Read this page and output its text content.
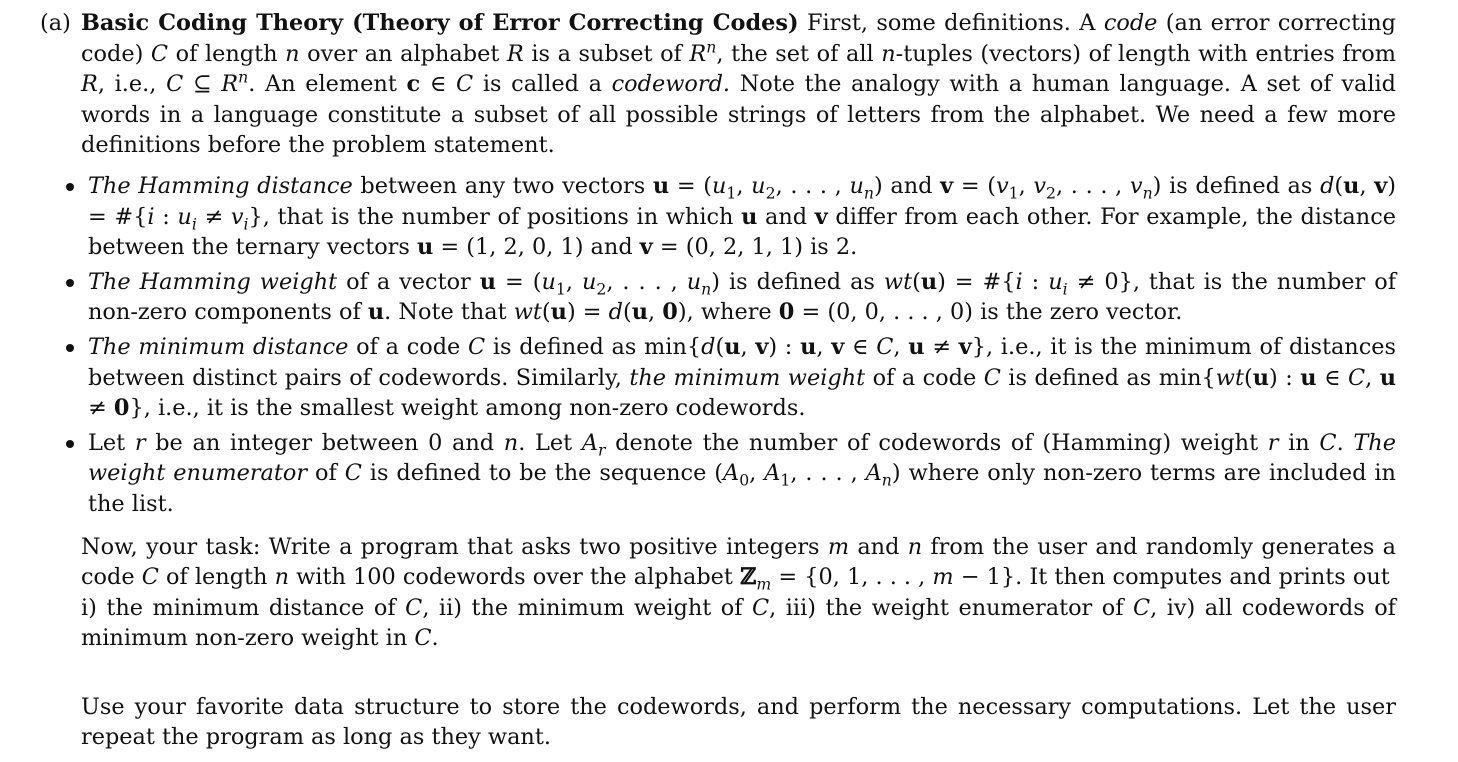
(a) Basic Coding Theory (Theory of Error Correcting Codes) First, some definitions. A code (an error correcting code) C of length n over an alphabet R is a subset of $R^n$, the set of all n-tuples (vectors) of length with entries from R, i.e., C ⊆ $R^n$. An element c ∈ C is called a codeword. Note the analogy with a human language. A set of valid words in a language constitute a subset of all possible strings of letters from the alphabet. We need a few more definitions before the problem statement.

The Hamming distance between any two vectors $u = (u_1$, $u_2$, . . . , $u_n$) and $v = (v_1$, $v_2$, . . . , $v_n$) is defined as d(u, v) = #{i : $u_i \ne v_i$}, that is the number of positions in which u and v differ from each other. For example, the distance between the ternary vectors u = (1, 2, 0, 1) and v = (0, 2, 1, 1) is 2.
The Hamming weight of a vector $u = (u_1$, $u_2$, . . . , $u_n$) is defined as wt(u) = #{i : $u_i \ne 0$}, that is the number of non-zero components of u. Note that wt(u) = d(u, 0), where 0 = (0, 0, . . . , 0) is the zero vector.
The minimum distance of a code C is defined as min{d(u, v) : u, v ∈ C, u ≠ v}, i.e., it is the minimum of distances between distinct pairs of codewords. Similarly, the minimum weight of a code C is defined as min{wt(u) : u ∈ C, u ≠ 0}, i.e., it is the smallest weight among non-zero codewords.
Let r be an integer between 0 and n. Let $A_r$ denote the number of codewords of (Hamming) weight r in C. The weight enumerator of C is defined to be the sequence ($A_0$, $A_1$, . . . , $A_n$) where only non-zero terms are included in the list.
Now, your task: Write a program that asks two positive integers m and n from the user and randomly generates a code C of length n with 100 codewords over the alphabet ℤ$_m$ = {0, 1, . . . , m − 1}. It then computes and prints out
i) the minimum distance of C, ii) the minimum weight of C, iii) the weight enumerator of C, iv) all codewords of minimum non-zero weight in C.
Use your favorite data structure to store the codewords, and perform the necessary computations. Let the user repeat the program as long as they want.
